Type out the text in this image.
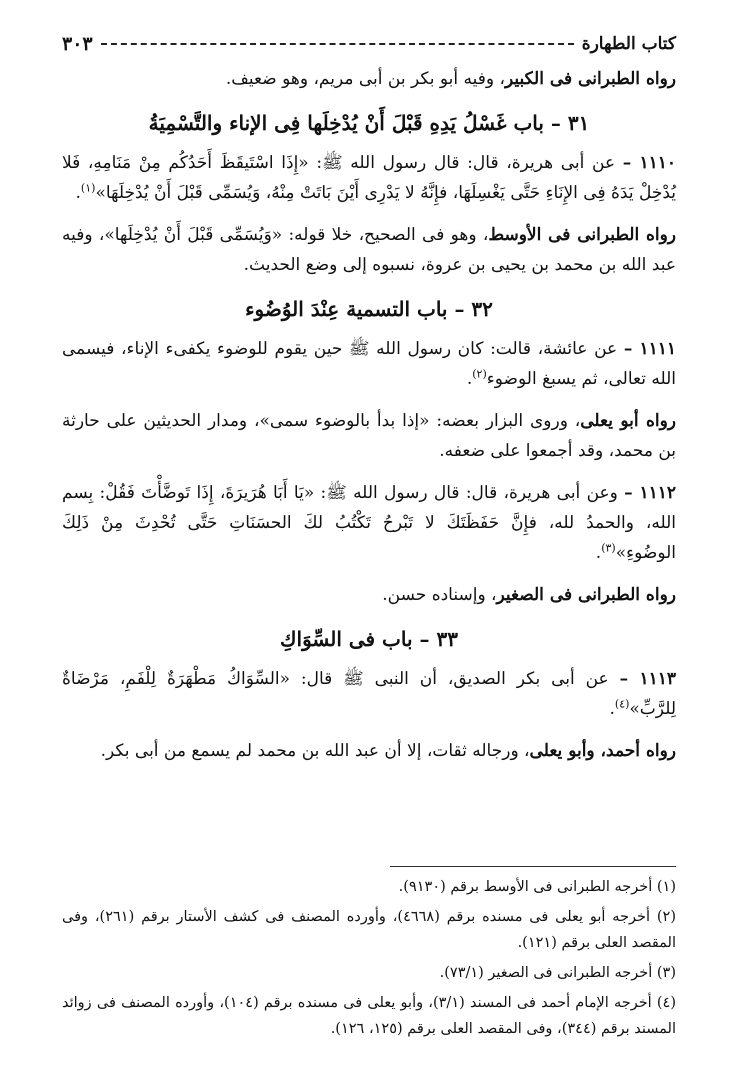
كتاب الطهارة
٣٠٣

رواه الطبرانى فى الكبير، وفيه أبو بكر بن أبى مريم، وهو ضعيف.

٣١ – باب غَسْلُ يَدِهِ قَبْلَ أَنْ يُدْخِلَها فِى الإناء والتَّسْمِيَةُ

١١١٠ – عن أبى هريرة، قال: قال رسول الله ﷺ: «إِذَا اسْتَيقَظَ أَحَدُكُم مِنْ مَنَامِهِ، فَلا يُدْخِلْ يَدَهُ فِى الإِنَاءِ حَتَّى يَغْسِلَهَا، فإِنَّهُ لا يَدْرِى أَيْنَ بَاتَتْ مِنْهُ، وَيُسَمِّى قَبْلَ أَنْ يُدْخِلَهَا»$^{(١)}$.

رواه الطبرانى فى الأوسط، وهو فى الصحيح، خلا قوله: «وَيُسَمِّى قَبْلَ أَنْ يُدْخِلَها»، وفيه عبد الله بن محمد بن يحيى بن عروة، نسبوه إلى وضع الحديث.

٣٢ – باب التسمية عِنْدَ الوُضُوء

١١١١ – عن عائشة، قالت: كان رسول الله ﷺ حين يقوم للوضوء يكفىء الإناء، فيسمى الله تعالى، ثم يسبغ الوضوء$^{(٢)}$.

رواه أبو يعلى، وروى البزار بعضه: «إذا بدأ بالوضوء سمى»، ومدار الحديثين على حارثة بن محمد، وقد أجمعوا على ضعفه.

١١١٢ – وعن أبى هريرة، قال: قال رسول الله ﷺ: «يَا أَبَا هُرَيرَةَ، إِذَا تَوضَّأْتَ فَقُلْ: بِسم الله، والحمدُ لله، فإِنَّ حَفَظَتَكَ لا تَبْرحُ تَكْتُبُ لكَ الحسَنَاتِ حَتَّى تُحْدِثَ مِنْ ذَلِكَ الوضُوءِ»$^{(٣)}$.

رواه الطبرانى فى الصغير، وإسناده حسن.

٣٣ – باب فى السِّوَاكِ

١١١٣ – عن أبى بكر الصديق، أن النبى ﷺ قال: «السِّوَاكُ مَطْهَرَةٌ لِلْفَمِ، مَرْضَاةٌ لِلرَّبِّ»$^{(٤)}$.

رواه أحمد، وأبو يعلى، ورجاله ثقات، إلا أن عبد الله بن محمد لم يسمع من أبى بكر.

(١) أخرجه الطبرانى فى الأوسط برقم (٩١٣٠).
(٢) أخرجه أبو يعلى فى مسنده برقم (٤٦٦٨)، وأورده المصنف فى كشف الأستار برقم (٢٦١)، وفى المقصد العلى برقم (١٢١).
(٣) أخرجه الطبرانى فى الصغير (٧٣/١).
(٤) أخرجه الإمام أحمد فى المسند (٣/١)، وأبو يعلى فى مسنده برقم (١٠٤)، وأورده المصنف فى زوائد المسند برقم (٣٤٤)، وفى المقصد العلى برقم (١٢٥، ١٢٦).
